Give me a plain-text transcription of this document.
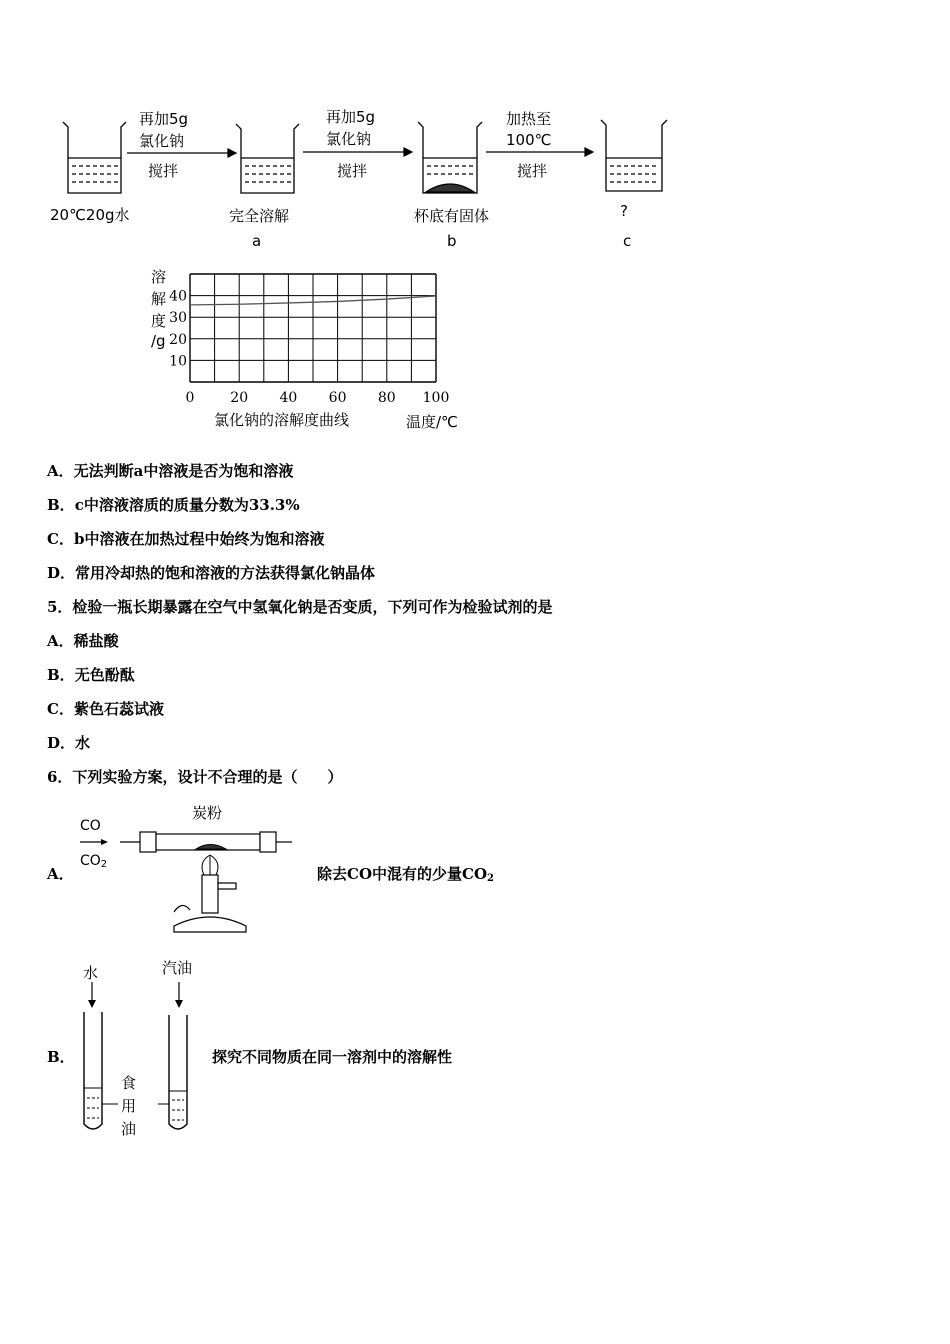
再加5g
氯化钠
搅拌
再加5g
氯化钠
搅拌
加热至
100℃
搅拌
20℃20g水	完全溶解
a
杯底有固体
b
?
c
0	20 40 60 80 100
10
20
30
40
溶
解
度
/g
氯化钠的溶解度曲线	温度/℃
A．无法判断a中溶液是否为饱和溶液
B．c中溶液溶质的质量分数为33.3%
C．b中溶液在加热过程中始终为饱和溶液
D．常用冷却热的饱和溶液的方法获得氯化钠晶体
5．检验一瓶长期暴露在空气中氢氧化钠是否变质，下列可作为检验试剂的是
A．稀盐酸
B．无色酚酞
C．紫色石蕊试液
D．水
6．下列实验方案，设计不合理的是（　　）
A．
炭粉
CO
$CO_2$
除去CO中混有的少量$CO_2$
B．
水	汽油
食
用
油
探究不同物质在同一溶剂中的溶解性
